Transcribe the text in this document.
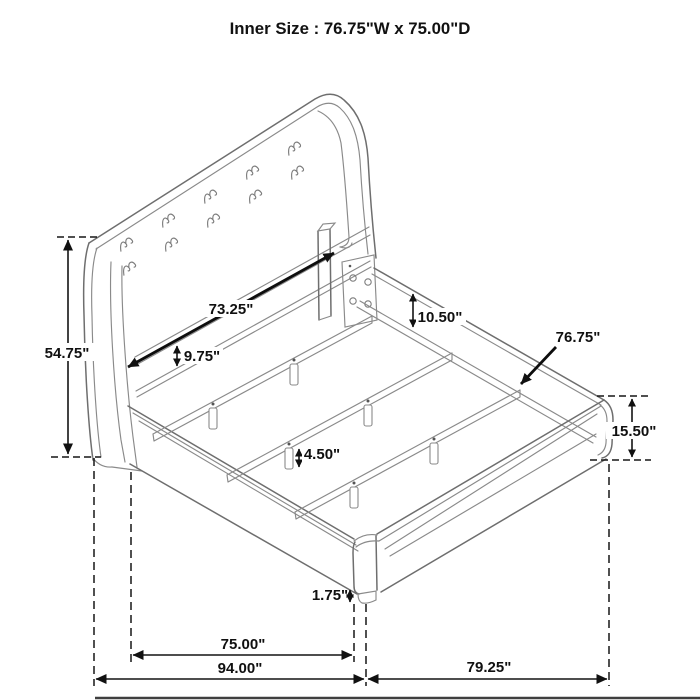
Inner Size : 76.75"W x 75.00"D
54.75"
73.25"
9.75"
10.50"
76.75"
15.50"
4.50"
1.75"
75.00"
94.00"	79.25"
